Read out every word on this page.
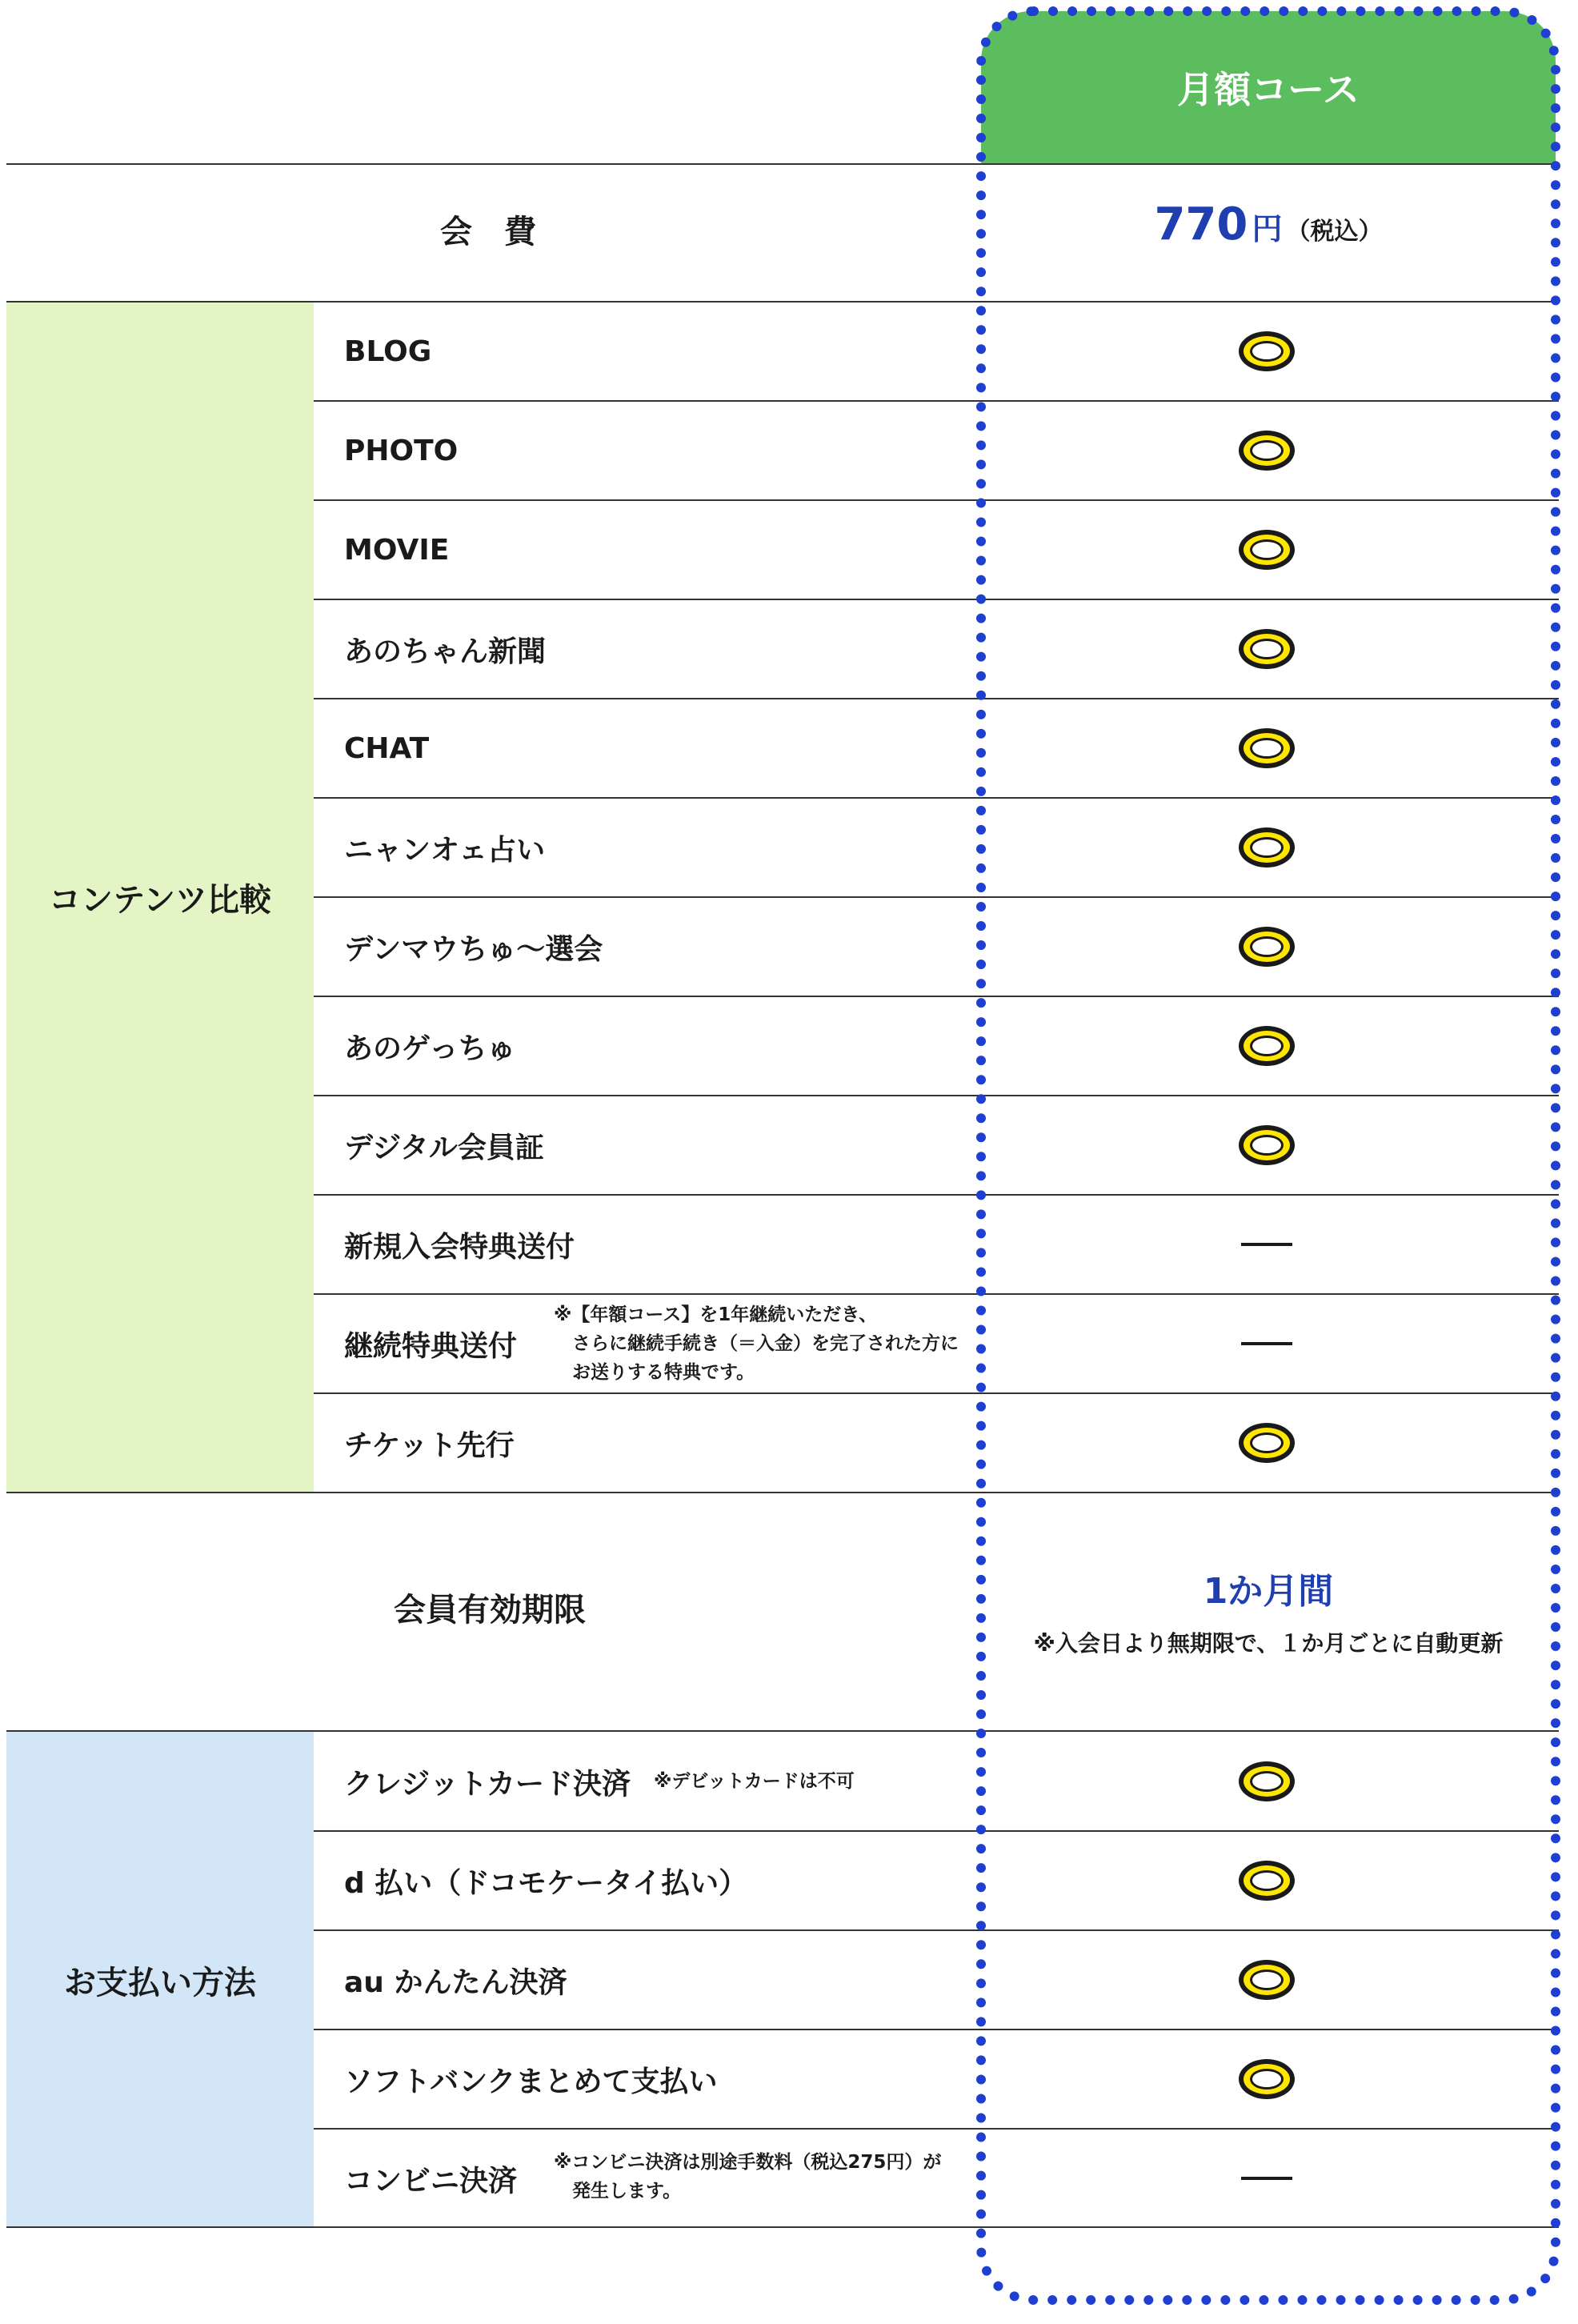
月額コース
会　費	770 円 （税込）
コンテンツ比較
BLOG
PHOTO
MOVIE
あのちゃん新聞
CHAT
ニャンオェ占い
デンマウちゅ～選会
あのゲっちゅ
デジタル会員証
新規入会特典送付
継続特典送付
※【年額コース】を1年継続いただき、
　さらに継続手続き（＝入金）を完了された方に
　お送りする特典です。
チケット先行
会員有効期限	1か月間
※入会日より無期限で、１か月ごとに自動更新
お支払い方法
クレジットカード決済 ※デビットカードは不可
d 払い（ドコモケータイ払い）
au かんたん決済
ソフトバンクまとめて支払い
コンビニ決済
※コンビニ決済は別途手数料（税込275円）が
　発生します。
